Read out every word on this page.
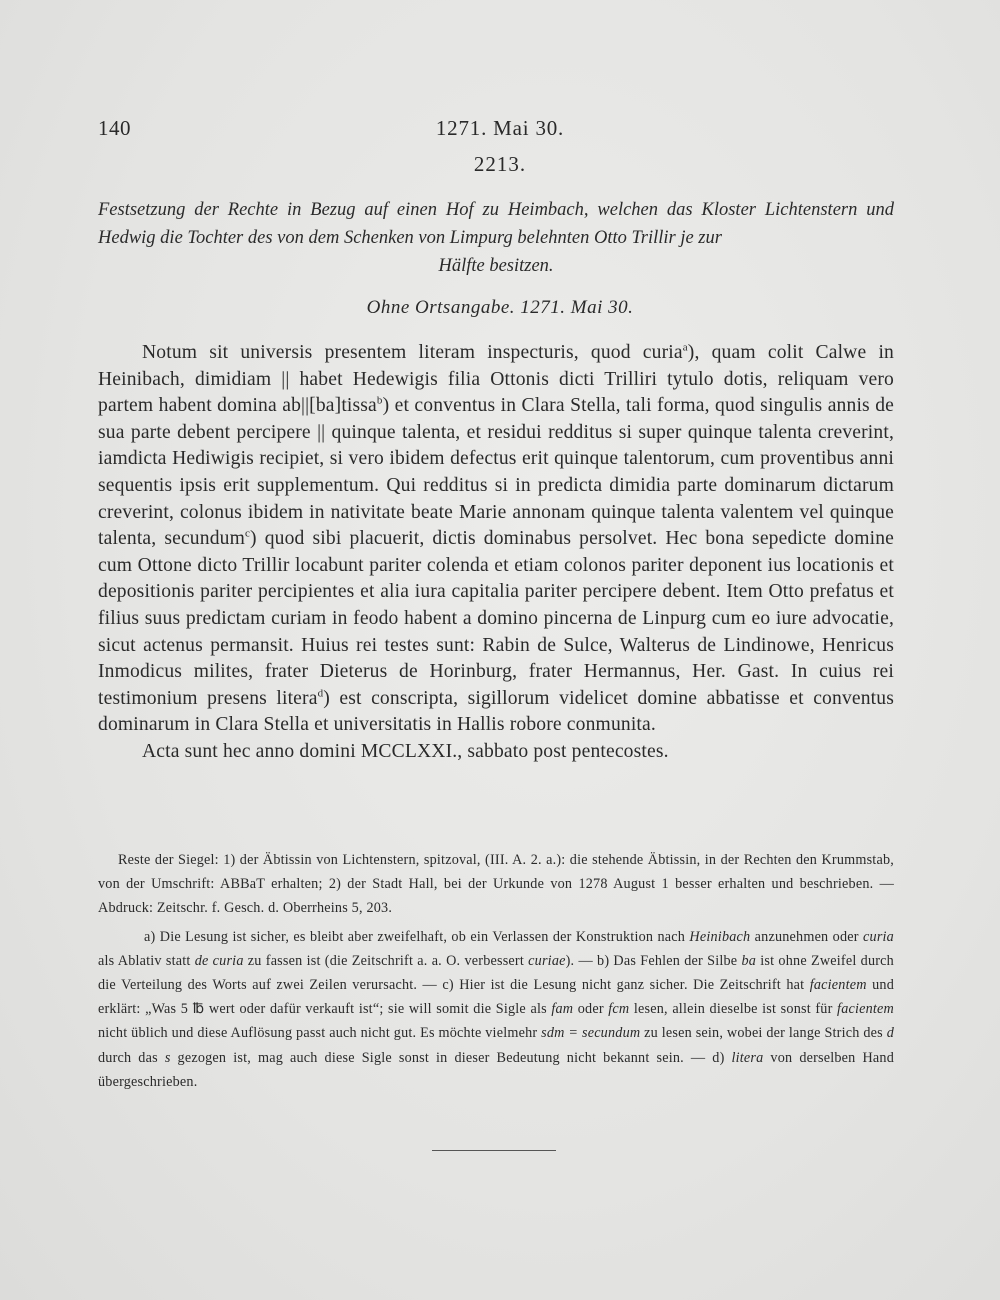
140	1271. Mai 30.
2213.
Festsetzung der Rechte in Bezug auf einen Hof zu Heimbach, welchen das Kloster Lichtenstern und Hedwig die Tochter des von dem Schenken von Limpurg belehnten Otto Trillir je zur
Hälfte besitzen.
Ohne Ortsangabe. 1271. Mai 30.

Notum sit universis presentem literam inspecturis, quod curia$^a$), quam colit Calwe in Heinibach, dimidiam || habet Hedewigis filia Ottonis dicti Trilliri tytulo dotis, reliquam vero partem habent domina ab||[ba]tissa$^b$) et conventus in Clara Stella, tali forma, quod singulis annis de sua parte debent percipere || quinque talenta, et residui redditus si super quinque talenta creverint, iamdicta Hediwigis recipiet, si vero ibidem defectus erit quinque talentorum, cum proventibus anni sequentis ipsis erit supplementum. Qui redditus si in predicta dimidia parte dominarum dictarum creverint, colonus ibidem in nativitate beate Marie annonam quinque talenta valentem vel quinque talenta, secundum$^c$) quod sibi placuerit, dictis dominabus persolvet. Hec bona sepedicte domine cum Ottone dicto Trillir locabunt pariter colenda et etiam colonos pariter deponent ius locationis et depositionis pariter percipientes et alia iura capitalia pariter percipere debent. Item Otto prefatus et filius suus predictam curiam in feodo habent a domino pincerna de Linpurg cum eo iure advocatie, sicut actenus permansit. Huius rei testes sunt: Rabin de Sulce, Walterus de Lindinowe, Henricus Inmodicus milites, frater Dieterus de Horinburg, frater Hermannus, Her. Gast. In cuius rei testimonium presens litera$^d$) est conscripta, sigillorum videlicet domine abbatisse et conventus dominarum in Clara Stella et universitatis in Hallis robore conmunita.

Acta sunt hec anno domini MCCLXXI., sabbato post pentecostes.

Reste der Siegel: 1) der Äbtissin von Lichtenstern, spitzoval, (III. A. 2. a.): die stehende Äbtissin, in der Rechten den Krummstab, von der Umschrift: ABBaT erhalten; 2) der Stadt Hall, bei der Urkunde von 1278 August 1 besser erhalten und beschrieben. — Abdruck: Zeitschr. f. Gesch. d. Oberrheins 5, 203.

a) Die Lesung ist sicher, es bleibt aber zweifelhaft, ob ein Verlassen der Konstruktion nach Heinibach anzunehmen oder curia als Ablativ statt de curia zu fassen ist (die Zeitschrift a. a. O. verbessert curiae). — b) Das Fehlen der Silbe ba ist ohne Zweifel durch die Verteilung des Worts auf zwei Zeilen verursacht. — c) Hier ist die Lesung nicht ganz sicher. Die Zeitschrift hat facientem und erklärt: „Was 5 ℔ wert oder dafür verkauft ist“; sie will somit die Sigle als fam oder fcm lesen, allein dieselbe ist sonst für facientem nicht üblich und diese Auflösung passt auch nicht gut. Es möchte vielmehr sdm = secundum zu lesen sein, wobei der lange Strich des d durch das s gezogen ist, mag auch diese Sigle sonst in dieser Bedeutung nicht bekannt sein. — d) litera von derselben Hand übergeschrieben.
